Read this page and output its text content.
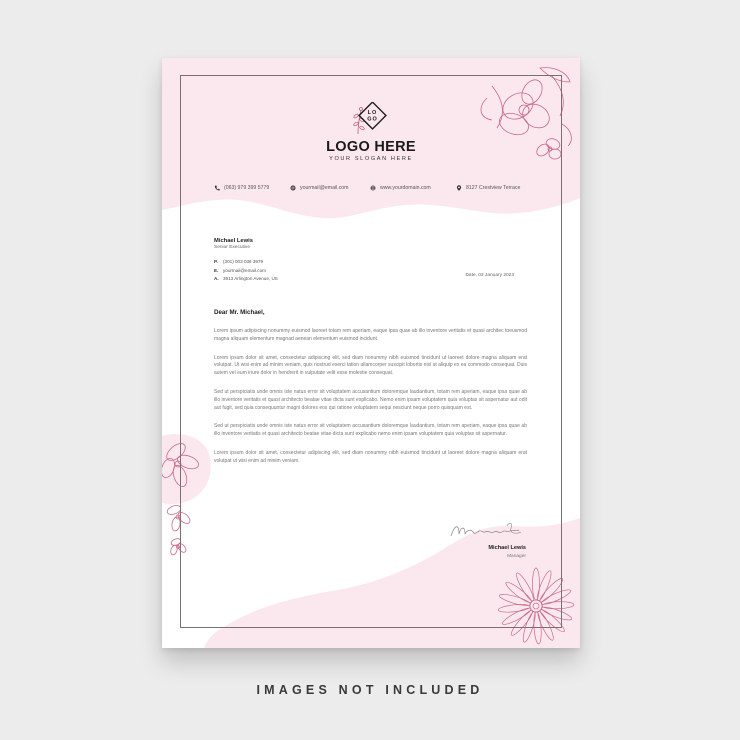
LO
GO
LOGO HERE
YOUR SLOGAN HERE
(063) 979 399 5779	@ yourmail@email.com	www.yourdomain.com	8127 Crestview Terrace
Michael Lewis
Senior Executive
P. (301) 003 036 3979
E. yourmail@email.com
A. 3913 Arlington Avenue, US
Date, 03 January 2023
Dear Mr. Michael,

Lorem ipsum adipiscing nonummy euismod laoreet totam rem aperiam, eaque ipsa quae ab illo inventore veritatis et quasi architec toeusmod magna aliquam elementum magnad aenean elementum euismod incidunt.

Lorem ipsum dolor sit amet, consectetur adipiscing elit, sed diam nonummy nibh euismod tincidunt ut laoreet dolore magna aliquam erat volutpat. Ut wisi enim ad minim veniam, quis nostrud exerci tation ullamcorper suscipit lobortis nisl ut aliquip ex ea commodo consequat. Duis autem vel eum iriure dolor in hendrerit in vulputate velit esse molestie consequat.

Sed ut perspiciatis unde omnis iste natus error sit voluptatem accusantium doloremque laudantium, totam rem aperiam, eaque ipsa quae ab illo inventore veritatis et quasi architecto beatae vitae dicta sunt explicabo. Nemo enim ipsam voluptatem quia voluptas sit aspernatur aut odit aut fugit, sed quia consequuntur magni dolores eos qui ratione voluptatem sequi nesciunt neque porro quisquam est.

Sed ut perspiciatis unde omnis iste natus error sit voluptatem accusantium doloremque laudantium, totam rem aperiam, eaque ipsa quae ab illo inventore veritatis et quasi architecto beatae vitae dicta sunt explicabo nemo enim ipsam voluptatem quia voluptas sit aspernatur.

Lorem ipsum dolor sit amet, consectetur adipiscing elit, sed diam nonummy nibh euismod tincidunt ut laoreet dolore magna aliquam erat volutpat ut wisi enim ad minim veniam.

Michael Lewis
Manager
IMAGES NOT INCLUDED
